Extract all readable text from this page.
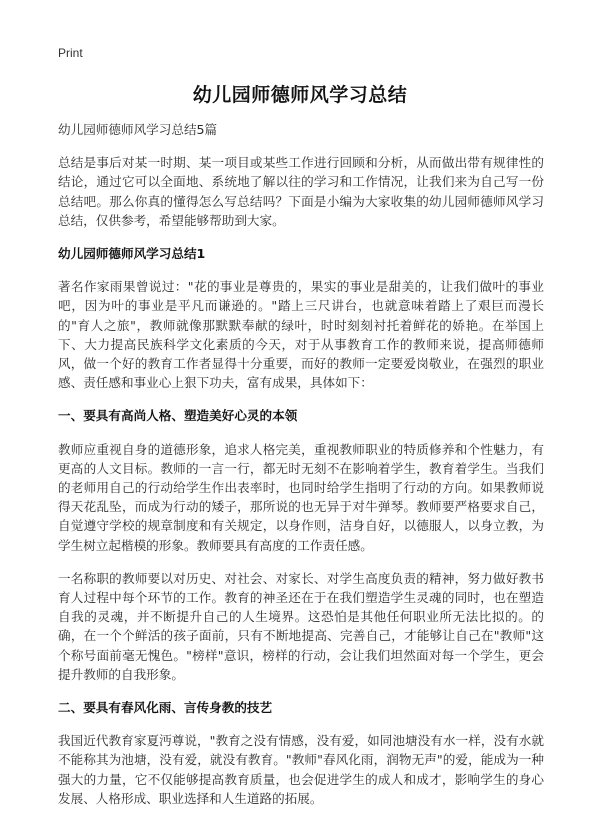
Print
幼儿园师德师风学习总结

幼儿园师德师风学习总结5篇

总结是事后对某一时期、某一项目或某些工作进行回顾和分析，从而做出带有规律性的结论，通过它可以全面地、系统地了解以往的学习和工作情况，让我们来为自己写一份总结吧。那么你真的懂得怎么写总结吗？下面是小编为大家收集的幼儿园师德师风学习总结，仅供参考，希望能够帮助到大家。

幼儿园师德师风学习总结1

著名作家雨果曾说过："花的事业是尊贵的，果实的事业是甜美的，让我们做叶的事业吧，因为叶的事业是平凡而谦逊的。"踏上三尺讲台，也就意味着踏上了艰巨而漫长的"育人之旅"，教师就像那默默奉献的绿叶，时时刻刻衬托着鲜花的娇艳。在举国上下、大力提高民族科学文化素质的今天，对于从事教育工作的教师来说，提高师德师风，做一个好的教育工作者显得十分重要，而好的教师一定要爱岗敬业，在强烈的职业感、责任感和事业心上狠下功夫，富有成果，具体如下：

一、要具有高尚人格、塑造美好心灵的本领

教师应重视自身的道德形象，追求人格完美，重视教师职业的特质修养和个性魅力，有更高的人文目标。教师的一言一行，都无时无刻不在影响着学生，教育着学生。当我们的老师用自己的行动给学生作出表率时，也同时给学生指明了行动的方向。如果教师说得天花乱坠，而成为行动的矮子，那所说的也无异于对牛弹琴。教师要严格要求自己，自觉遵守学校的规章制度和有关规定，以身作则，洁身自好，以德服人，以身立教，为学生树立起楷模的形象。教师要具有高度的工作责任感。

一名称职的教师要以对历史、对社会、对家长、对学生高度负责的精神，努力做好教书育人过程中每个环节的工作。教育的神圣还在于在我们塑造学生灵魂的同时，也在塑造自我的灵魂，并不断提升自己的人生境界。这恐怕是其他任何职业所无法比拟的。的确，在一个个鲜活的孩子面前，只有不断地提高、完善自己，才能够让自己在"教师"这个称号面前毫无愧色。"榜样"意识，榜样的行动，会让我们坦然面对每一个学生，更会提升教师的自我形象。

二、要具有春风化雨、言传身教的技艺

我国近代教育家夏沔尊说，"教育之没有情感，没有爱，如同池塘没有水一样，没有水就不能称其为池塘，没有爱，就没有教育。"教师"春风化雨，润物无声"的爱，能成为一种强大的力量，它不仅能够提高教育质量，也会促进学生的成人和成才，影响学生的身心发展、人格形成、职业选择和人生道路的拓展。
